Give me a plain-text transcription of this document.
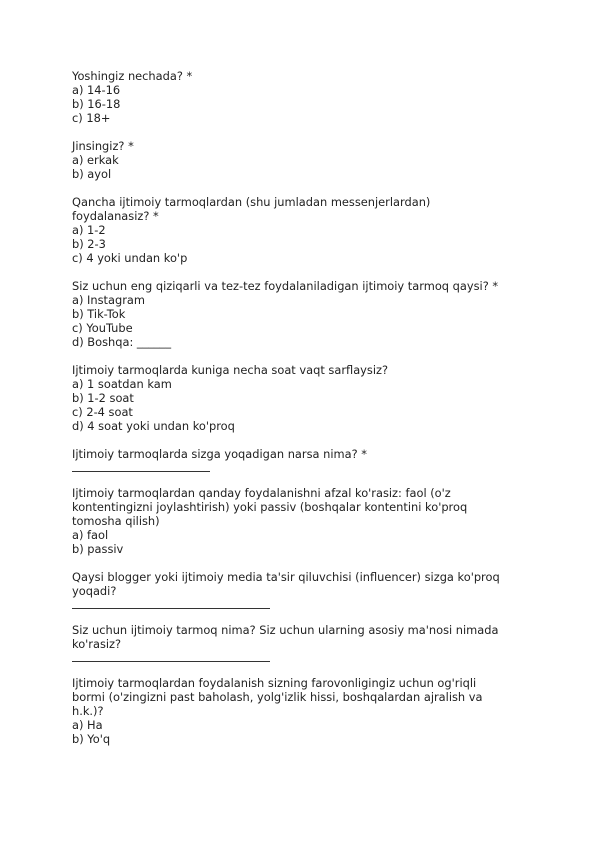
Yoshingiz nechada? *
a) 14-16
b) 16-18
c) 18+
Jinsingiz? *
a) erkak
b) ayol
Qancha ijtimoiy tarmoqlardan (shu jumladan messenjerlardan)
foydalanasiz? *
a) 1-2
b) 2-3
c) 4 yoki undan ko'p
Siz uchun eng qiziqarli va tez-tez foydalaniladigan ijtimoiy tarmoq qaysi? *
a) Instagram
b) Tik-Tok
c) YouTube
d) Boshqa: ______
Ijtimoiy tarmoqlarda kuniga necha soat vaqt sarflaysiz?
a) 1 soatdan kam
b) 1-2 soat
c) 2-4 soat
d) 4 soat yoki undan ko'proq
Ijtimoiy tarmoqlarda sizga yoqadigan narsa nima? *
Ijtimoiy tarmoqlardan qanday foydalanishni afzal ko'rasiz: faol (o'z
kontentingizni joylashtirish) yoki passiv (boshqalar kontentini ko'proq
tomosha qilish)
a) faol
b) passiv
Qaysi blogger yoki ijtimoiy media ta'sir qiluvchisi (influencer) sizga ko'proq
yoqadi?
Siz uchun ijtimoiy tarmoq nima? Siz uchun ularning asosiy ma'nosi nimada
ko'rasiz?
Ijtimoiy tarmoqlardan foydalanish sizning farovonligingiz uchun og'riqli
bormi (o'zingizni past baholash, yolg'izlik hissi, boshqalardan ajralish va
h.k.)?
a) Ha
b) Yo'q
